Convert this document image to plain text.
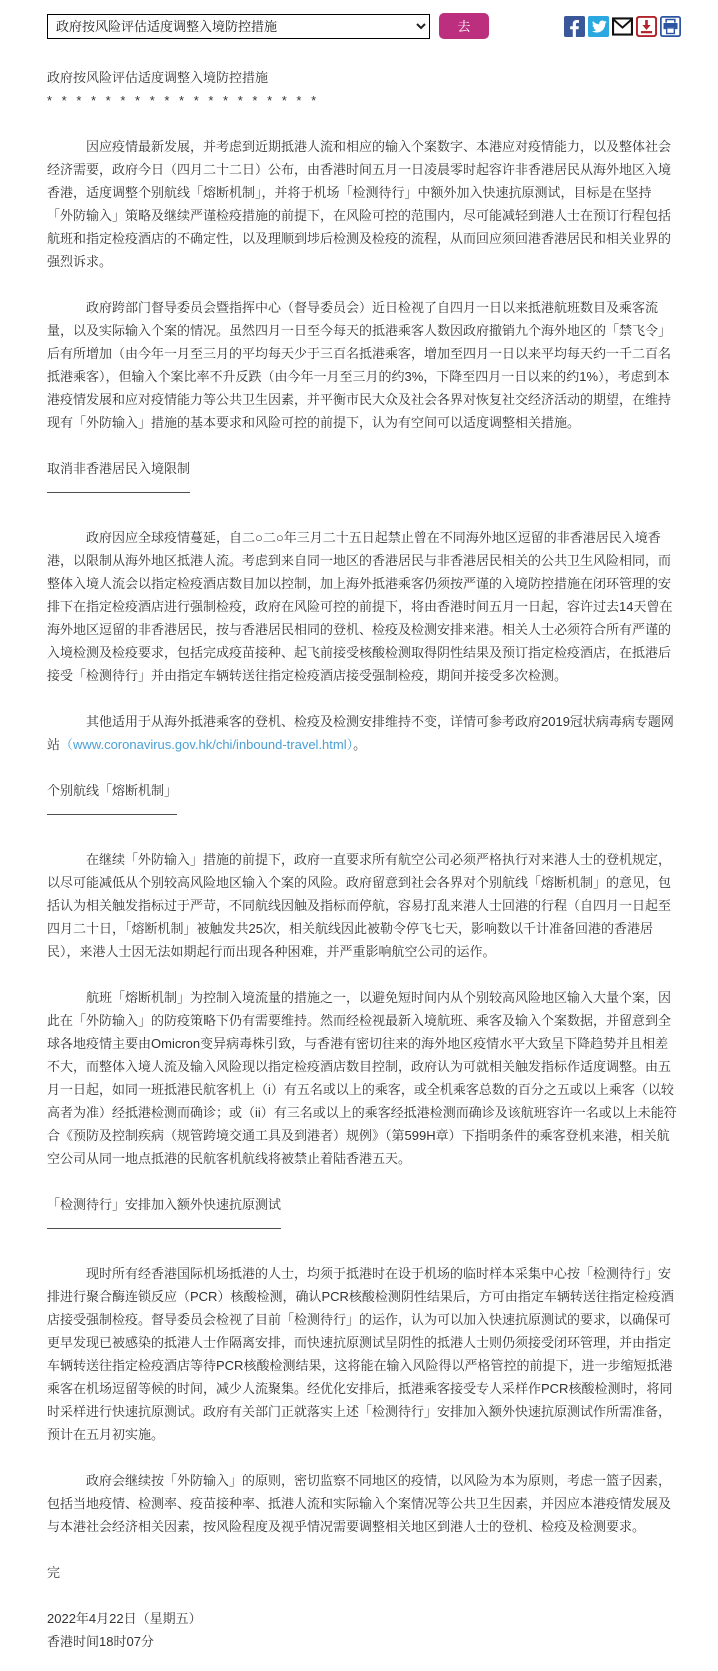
政府按风险评估适度调整入境防控措施
去
政府按风险评估适度调整入境防控措施
* * * * * * * * * * * * * * * * * * *

因应疫情最新发展，并考虑到近期抵港人流和相应的输入个案数字、本港应对疫情能力，以及整体社会经济需要，政府今日（四月二十二日）公布，由香港时间五月一日凌晨零时起容许非香港居民从海外地区入境香港，适度调整个别航线「熔断机制」，并将于机场「检测待行」中额外加入快速抗原测试，目标是在坚持「外防输入」策略及继续严谨检疫措施的前提下，在风险可控的范围内，尽可能减轻到港人士在预订行程包括航班和指定检疫酒店的不确定性，以及理顺到埗后检测及检疫的流程，从而回应须回港香港居民和相关业界的强烈诉求。

政府跨部门督导委员会暨指挥中心（督导委员会）近日检视了自四月一日以来抵港航班数目及乘客流量，以及实际输入个案的情况。虽然四月一日至今每天的抵港乘客人数因政府撤销九个海外地区的「禁飞令」后有所增加（由今年一月至三月的平均每天少于三百名抵港乘客，增加至四月一日以来平均每天约一千二百名抵港乘客），但输入个案比率不升反跌（由今年一月至三月的约3%，下降至四月一日以来的约1%），考虑到本港疫情发展和应对疫情能力等公共卫生因素，并平衡市民大众及社会各界对恢复社交经济活动的期望，在维持现有「外防输入」措施的基本要求和风险可控的前提下，认为有空间可以适度调整相关措施。

取消非香港居民入境限制
———————————

政府因应全球疫情蔓延，自二○二○年三月二十五日起禁止曾在不同海外地区逗留的非香港居民入境香港，以限制从海外地区抵港人流。考虑到来自同一地区的香港居民与非香港居民相关的公共卫生风险相同，而整体入境人流会以指定检疫酒店数目加以控制，加上海外抵港乘客仍须按严谨的入境防控措施在闭环管理的安排下在指定检疫酒店进行强制检疫，政府在风险可控的前提下，将由香港时间五月一日起，容许过去14天曾在海外地区逗留的非香港居民，按与香港居民相同的登机、检疫及检测安排来港。相关人士必须符合所有严谨的入境检测及检疫要求，包括完成疫苗接种、起飞前接受核酸检测取得阴性结果及预订指定检疫酒店，在抵港后接受「检测待行」并由指定车辆转送往指定检疫酒店接受强制检疫，期间并接受多次检测。

其他适用于从海外抵港乘客的登机、检疫及检测安排维持不变，详情可参考政府2019冠状病毒病专题网站（www.coronavirus.gov.hk/chi/inbound-travel.html）。

个别航线「熔断机制」
——————————

在继续「外防输入」措施的前提下，政府一直要求所有航空公司必须严格执行对来港人士的登机规定，以尽可能减低从个别较高风险地区输入个案的风险。政府留意到社会各界对个别航线「熔断机制」的意见，包括认为相关触发指标过于严苛，不同航线因触及指标而停航，容易打乱来港人士回港的行程（自四月一日起至四月二十日，「熔断机制」被触发共25次，相关航线因此被勒令停飞七天，影响数以千计准备回港的香港居民），来港人士因无法如期起行而出现各种困难，并严重影响航空公司的运作。

航班「熔断机制」为控制入境流量的措施之一，以避免短时间内从个别较高风险地区输入大量个案，因此在「外防输入」的防疫策略下仍有需要维持。然而经检视最新入境航班、乘客及输入个案数据，并留意到全球各地疫情主要由Omicron变异病毒株引致，与香港有密切往来的海外地区疫情水平大致呈下降趋势并且相差不大，而整体入境人流及输入风险现以指定检疫酒店数目控制，政府认为可就相关触发指标作适度调整。由五月一日起，如同一班抵港民航客机上（i）有五名或以上的乘客，或全机乘客总数的百分之五或以上乘客（以较高者为准）经抵港检测而确诊；或（ii）有三名或以上的乘客经抵港检测而确诊及该航班容许一名或以上未能符合《预防及控制疾病（规管跨境交通工具及到港者）规例》（第599H章）下指明条件的乘客登机来港，相关航空公司从同一地点抵港的民航客机航线将被禁止着陆香港五天。

「检测待行」安排加入额外快速抗原测试
——————————————————

现时所有经香港国际机场抵港的人士，均须于抵港时在设于机场的临时样本采集中心按「检测待行」安排进行聚合酶连锁反应（PCR）核酸检测，确认PCR核酸检测阴性结果后，方可由指定车辆转送往指定检疫酒店接受强制检疫。督导委员会检视了目前「检测待行」的运作，认为可以加入快速抗原测试的要求，以确保可更早发现已被感染的抵港人士作隔离安排，而快速抗原测试呈阴性的抵港人士则仍须接受闭环管理，并由指定车辆转送往指定检疫酒店等待PCR核酸检测结果，这将能在输入风险得以严格管控的前提下，进一步缩短抵港乘客在机场逗留等候的时间，减少人流聚集。经优化安排后，抵港乘客接受专人采样作PCR核酸检测时，将同时采样进行快速抗原测试。政府有关部门正就落实上述「检测待行」安排加入额外快速抗原测试作所需准备，预计在五月初实施。

政府会继续按「外防输入」的原则，密切监察不同地区的疫情，以风险为本为原则，考虑一篮子因素，包括当地疫情、检测率、疫苗接种率、抵港人流和实际输入个案情况等公共卫生因素，并因应本港疫情发展及与本港社会经济相关因素，按风险程度及视乎情况需要调整相关地区到港人士的登机、检疫及检测要求。

完

2022年4月22日（星期五）

香港时间18时07分
